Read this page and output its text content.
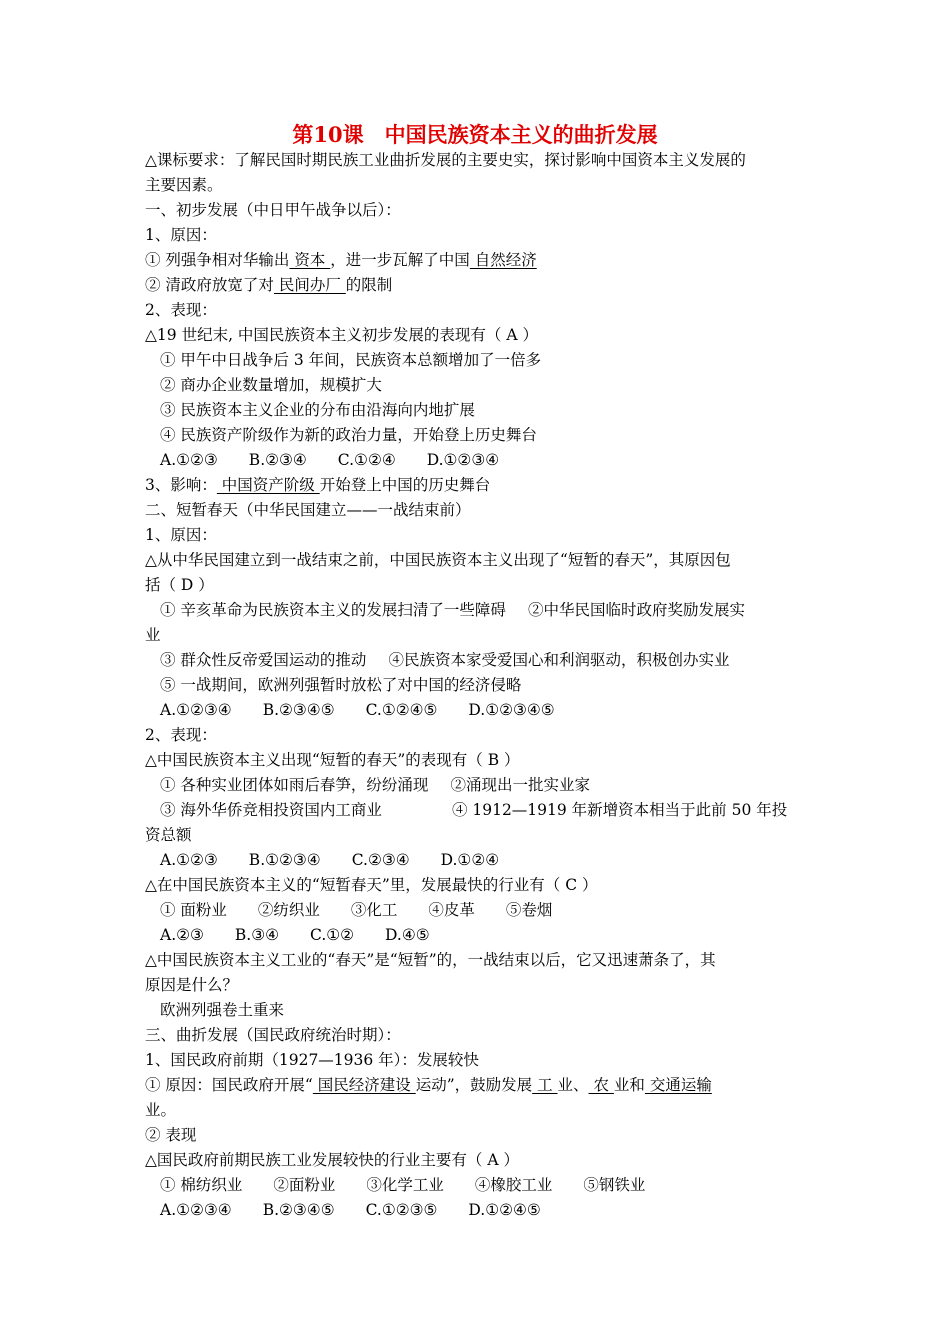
第10课　中国民族资本主义的曲折发展
△课标要求：了解民国时期民族工业曲折发展的主要史实，探讨影响中国资本主义发展的
主要因素。
一、初步发展（中日甲午战争以后）：
1、原因：
① 列强争相对华输出 资本 ，进一步瓦解了中国 自然经济
② 清政府放宽了对 民间办厂 的限制
2、表现：
△19 世纪末, 中国民族资本主义初步发展的表现有（ A ）
① 甲午中日战争后 3 年间，民族资本总额增加了一倍多
② 商办企业数量增加，规模扩大
③ 民族资本主义企业的分布由沿海向内地扩展
④ 民族资产阶级作为新的政治力量，开始登上历史舞台
A.①②③　　B.②③④　　C.①②④　　D.①②③④
3、影响： 中国资产阶级 开始登上中国的历史舞台
二、短暂春天（中华民国建立——一战结束前）
1、原因：
△从中华民国建立到一战结束之前，中国民族资本主义出现了“短暂的春天”，其原因包
括（ D ）
① 辛亥革命为民族资本主义的发展扫清了一些障碍 ②中华民国临时政府奖励发展实
业
③ 群众性反帝爱国运动的推动 ④民族资本家受爱国心和利润驱动，积极创办实业
⑤ 一战期间，欧洲列强暂时放松了对中国的经济侵略
A.①②③④　　B.②③④⑤　　C.①②④⑤　　D.①②③④⑤
2、表现：
△中国民族资本主义出现“短暂的春天”的表现有（ B ）
① 各种实业团体如雨后春笋，纷纷涌现 ②涌现出一批实业家
③ 海外华侨竞相投资国内工商业	④ 1912—1919 年新增资本相当于此前 50 年投
资总额
A.①②③　　B.①②③④　　C.②③④　　D.①②④
△在中国民族资本主义的“短暂春天”里，发展最快的行业有（ C ）
① 面粉业　　②纺织业　　③化工　　④皮革　　⑤卷烟
A.②③　　B.③④　　C.①②　　D.④⑤
△中国民族资本主义工业的“春天”是“短暂”的，一战结束以后，它又迅速萧条了，其
原因是什么？
欧洲列强卷土重来
三、曲折发展（国民政府统治时期）：
1、国民政府前期（1927—1936 年）：发展较快
① 原因：国民政府开展“ 国民经济建设 运动”，鼓励发展 工 业、 农 业和 交通运输
业。
② 表现
△国民政府前期民族工业发展较快的行业主要有（ A ）
① 棉纺织业　　②面粉业　　③化学工业　　④橡胶工业　　⑤钢铁业
A.①②③④　　B.②③④⑤　　C.①②③⑤　　D.①②④⑤
